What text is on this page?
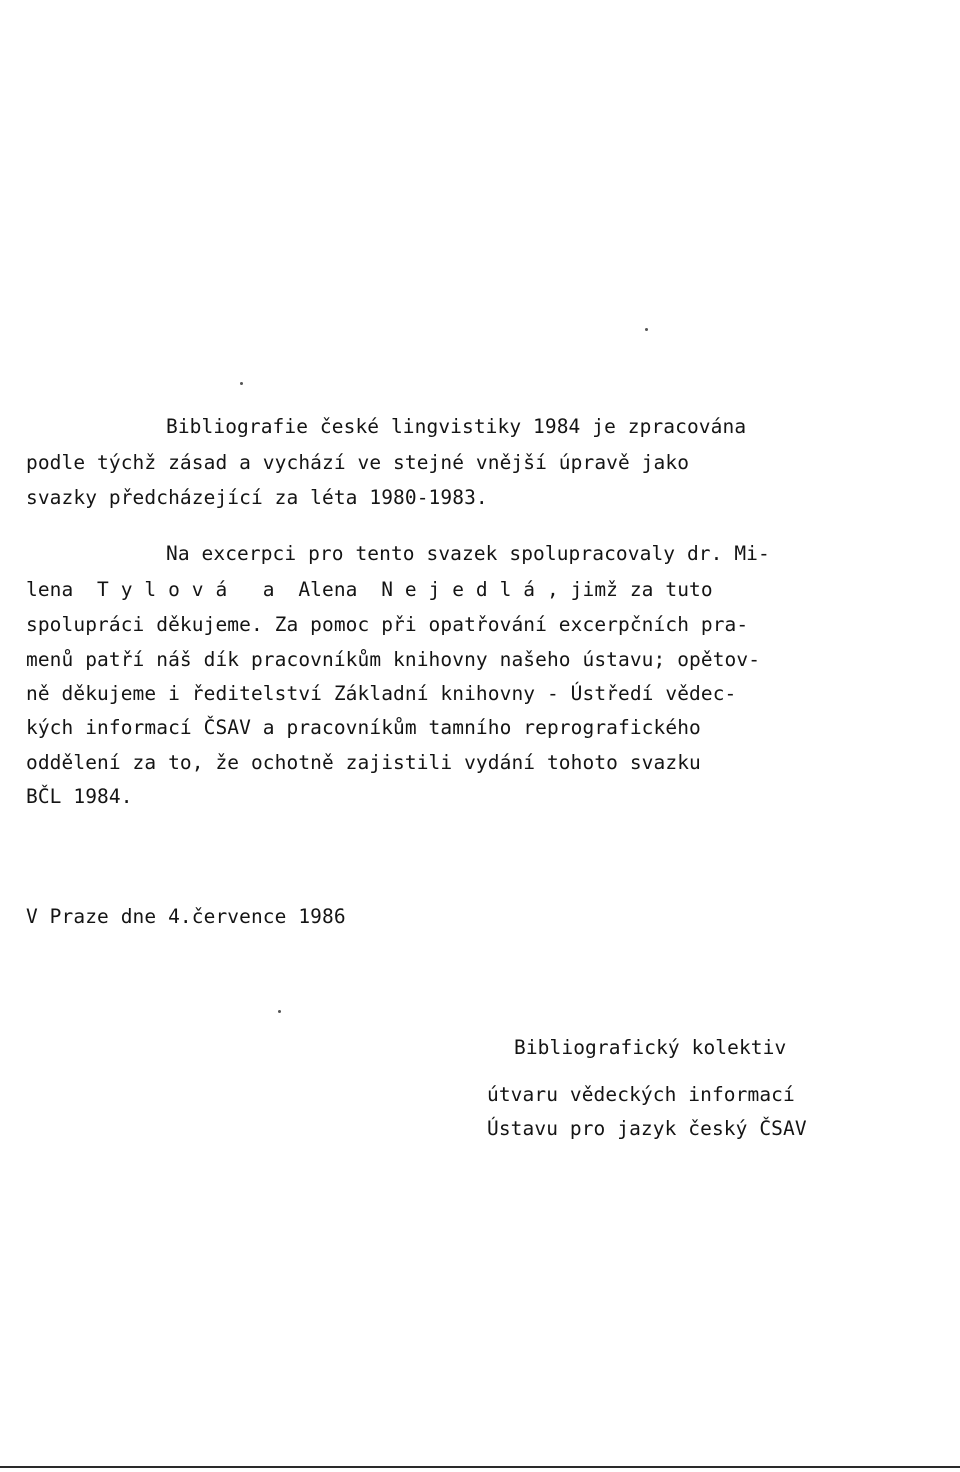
Bibliografie české lingvistiky 1984 je zpracována
podle týchž zásad a vychází ve stejné vnější úpravě jako
svazky předcházející za léta 1980-1983.
Na excerpci pro tento svazek spolupracovaly dr. Mi-
lena  T y l o v á   a  Alena  N e j e d l á , jimž za tuto
spolupráci děkujeme. Za pomoc při opatřování excerpčních pra-
menů patří náš dík pracovníkům knihovny našeho ústavu; opětov-
ně děkujeme i ředitelství Základní knihovny - Ústředí vědec-
kých informací ČSAV a pracovníkům tamního reprografického
oddělení za to, že ochotně zajistili vydání tohoto svazku
BČL 1984.
V Praze dne 4.července 1986
Bibliografický kolektiv
útvaru vědeckých informací
Ústavu pro jazyk český ČSAV
